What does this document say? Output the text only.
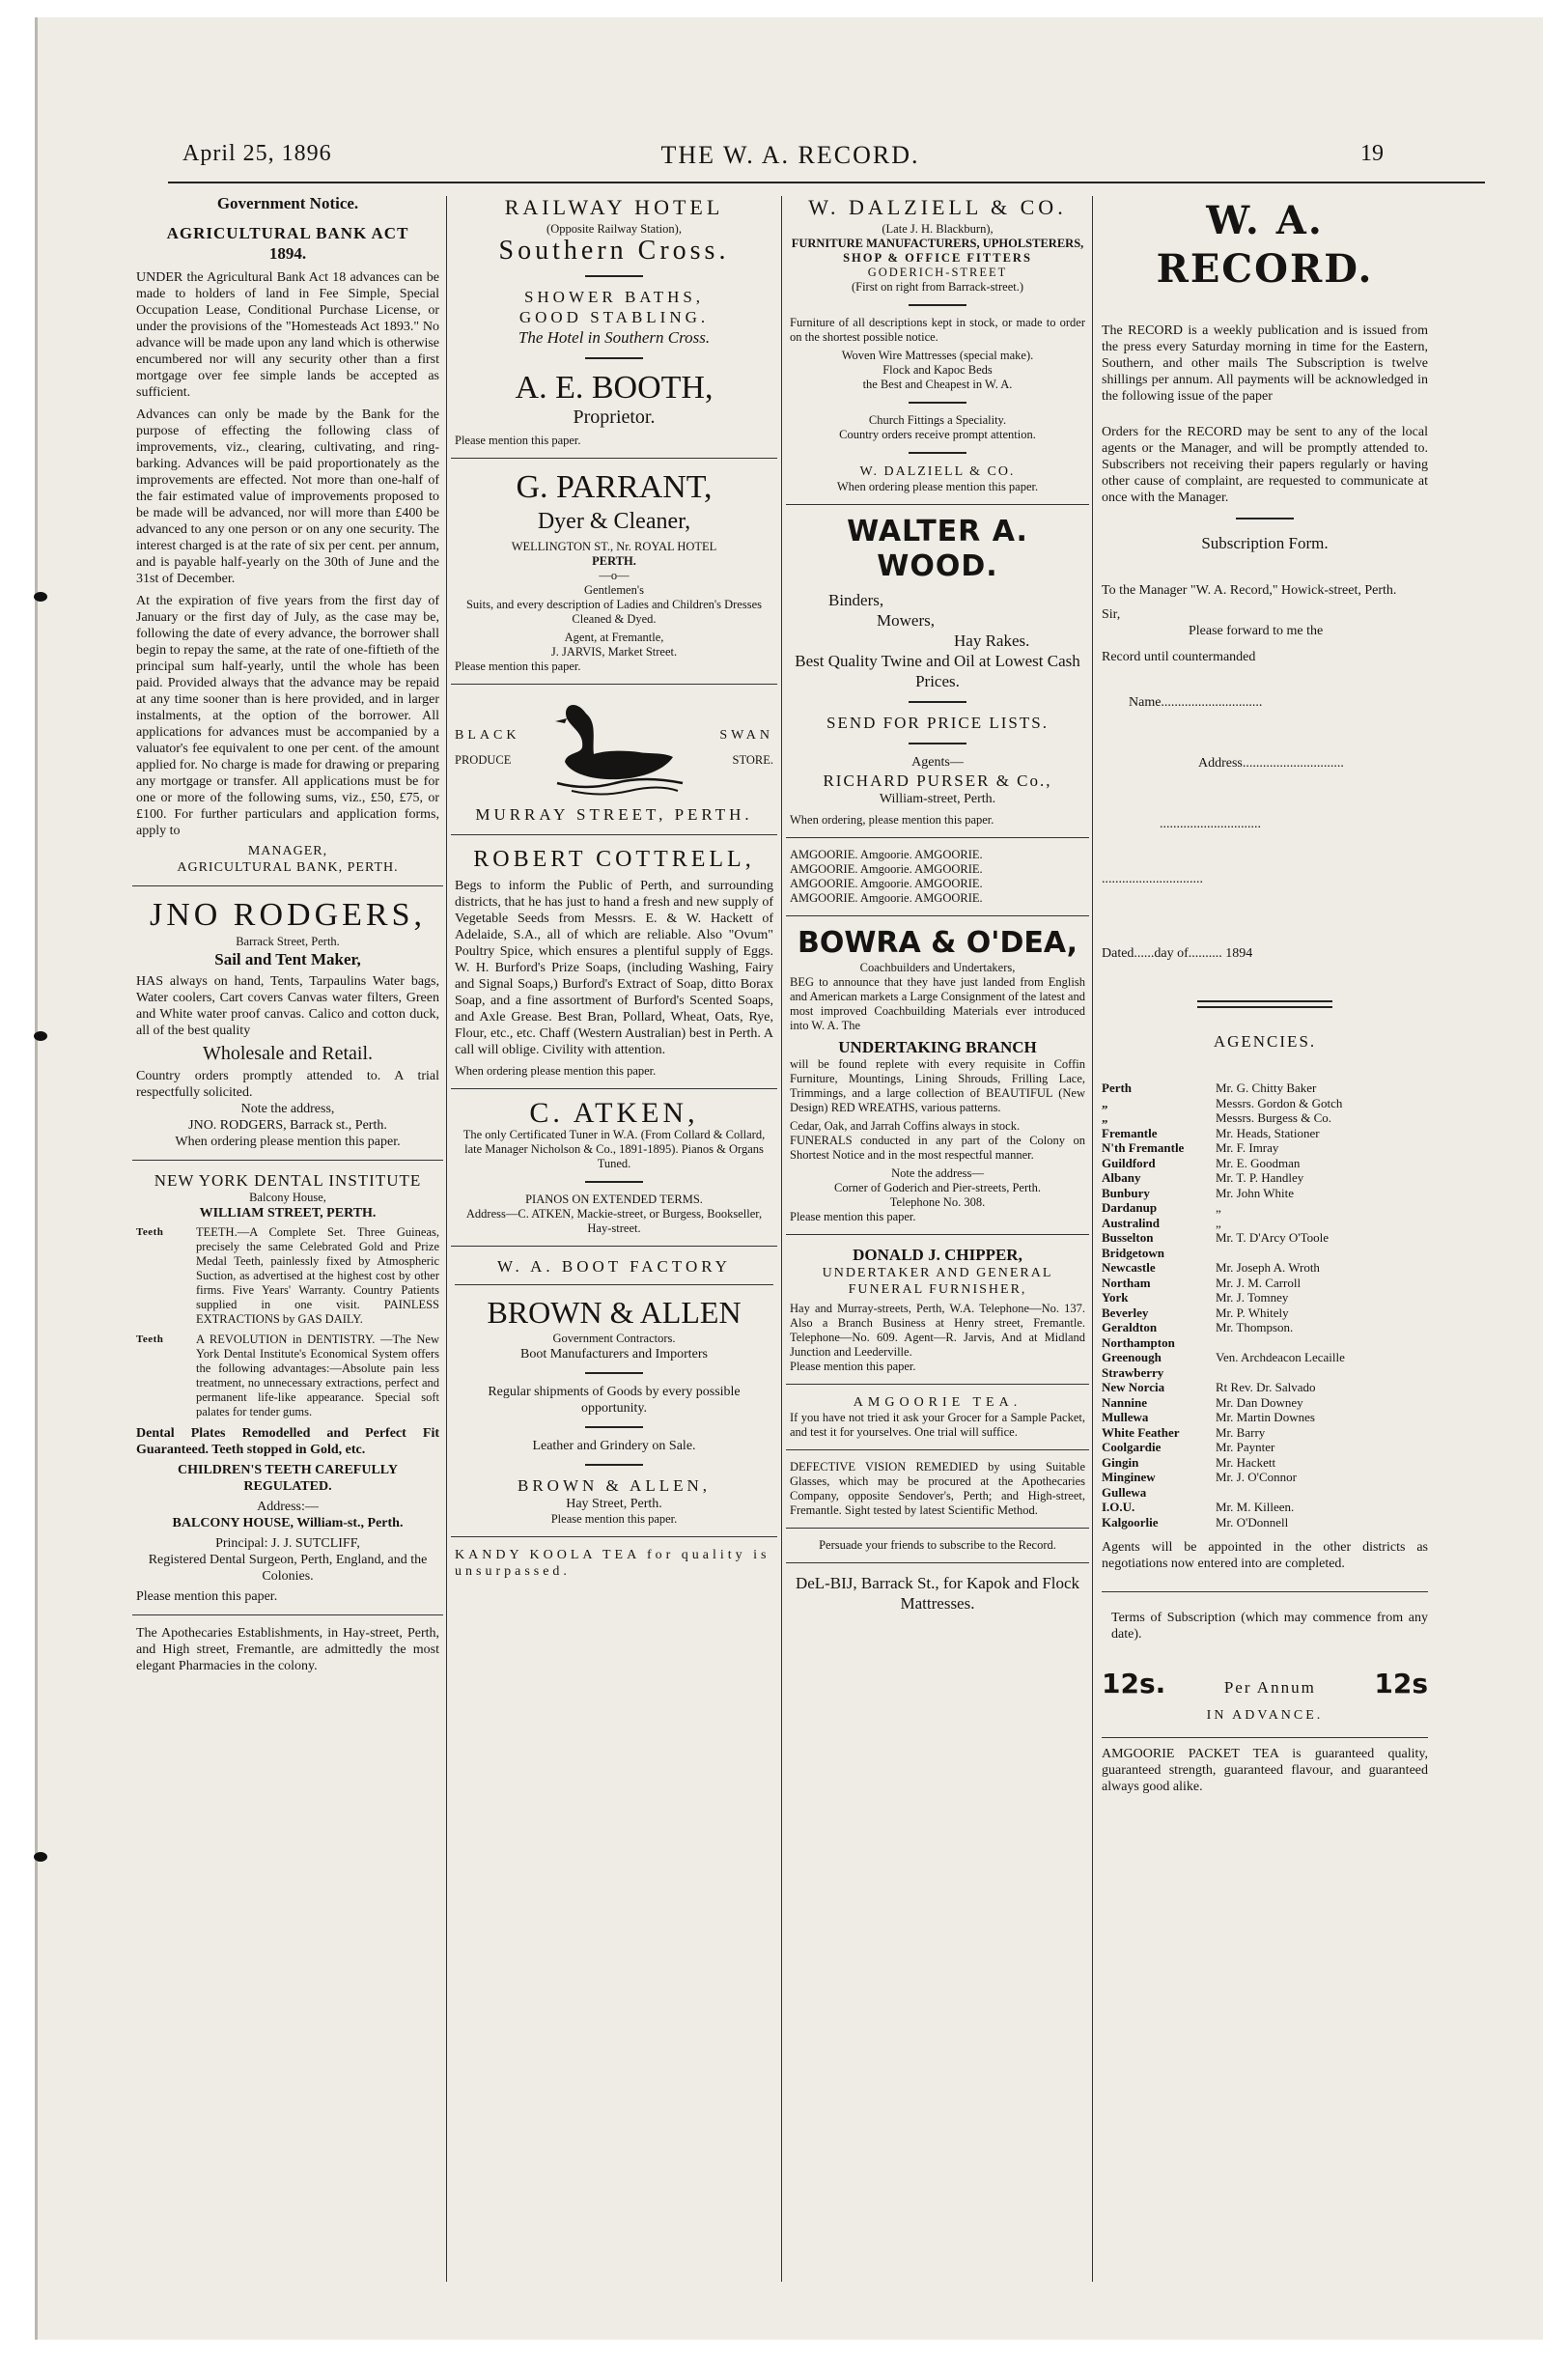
April 25, 1896	THE W. A. RECORD.	19
Government Notice.
AGRICULTURAL BANK ACT
1894.
UNDER the Agricultural Bank Act 18 advances can be made to holders of land in Fee Simple, Special Occupation Lease, Conditional Purchase License, or under the provisions of the "Homesteads Act 1893." No advance will be made upon any land which is otherwise encumbered nor will any security other than a first mortgage over fee simple lands be accepted as sufficient.
Advances can only be made by the Bank for the purpose of effecting the following class of improvements, viz., clearing, cultivating, and ring-barking. Advances will be paid proportionately as the improvements are effected. Not more than one-half of the fair estimated value of improvements proposed to be made will be advanced, nor will more than £400 be advanced to any one person or on any one security. The interest charged is at the rate of six per cent. per annum, and is payable half-yearly on the 30th of June and the 31st of December.
At the expiration of five years from the first day of January or the first day of July, as the case may be, following the date of every advance, the borrower shall begin to repay the same, at the rate of one-fiftieth of the principal sum half-yearly, until the whole has been paid. Provided always that the advance may be repaid at any time sooner than is here provided, and in larger instalments, at the option of the borrower. All applications for advances must be accompanied by a valuator's fee equivalent to one per cent. of the amount applied for. No charge is made for drawing or preparing any mortgage or transfer. All applications must be for one or more of the following sums, viz., £50, £75, or £100. For further particulars and application forms, apply to
MANAGER,
AGRICULTURAL BANK, PERTH.
JNO RODGERS,
Barrack Street, Perth.
Sail and Tent Maker,
HAS always on hand, Tents, Tarpaulins Water bags, Water coolers, Cart covers Canvas water filters, Green and White water proof canvas. Calico and cotton duck, all of the best quality
Wholesale and Retail.
Country orders promptly attended to. A trial respectfully solicited.
Note the address,
JNO. RODGERS, Barrack st., Perth.
When ordering please mention this paper.
NEW YORK DENTAL INSTITUTE
Balcony House,
WILLIAM STREET, PERTH.
Teeth	TEETH.—A Complete Set. Three Guineas, precisely the same Celebrated Gold and Prize Medal Teeth, painlessly fixed by Atmospheric Suction, as advertised at the highest cost by other firms. Five Years' Warranty. Country Patients supplied in one visit. PAINLESS EXTRACTIONS by GAS DAILY.
Teeth	A REVOLUTION in DENTISTRY. —The New York Dental Institute's Economical System offers the following advantages:—Absolute pain less treatment, no unnecessary extractions, perfect and permanent life-like appearance. Special soft palates for tender gums.
Dental Plates Remodelled and Perfect Fit Guaranteed. Teeth stopped in Gold, etc.
CHILDREN'S TEETH CAREFULLY REGULATED.
Address:—
BALCONY HOUSE, William-st., Perth.
Principal: J. J. SUTCLIFF,
Registered Dental Surgeon, Perth, England, and the Colonies.
Please mention this paper.
The Apothecaries Establishments, in Hay-street, Perth, and High street, Fremantle, are admittedly the most elegant Pharmacies in the colony.
RAILWAY HOTEL
(Opposite Railway Station),
Southern Cross.
SHOWER BATHS,
GOOD STABLING.
The Hotel in Southern Cross.
A. E. BOOTH,
Proprietor.
Please mention this paper.
G. PARRANT,
Dyer & Cleaner,
WELLINGTON ST., Nr. ROYAL HOTEL
PERTH.
—o—
Gentlemen's
Suits, and every description of Ladies and Children's Dresses Cleaned & Dyed.
Agent, at Fremantle,
J. JARVIS, Market Street.
Please mention this paper.
BLACK
PRODUCE
SWAN
STORE.
MURRAY STREET, PERTH.
ROBERT COTTRELL,
Begs to inform the Public of Perth, and surrounding districts, that he has just to hand a fresh and new supply of Vegetable Seeds from Messrs. E. & W. Hackett of Adelaide, S.A., all of which are reliable. Also "Ovum" Poultry Spice, which ensures a plentiful supply of Eggs. W. H. Burford's Prize Soaps, (including Washing, Fairy and Signal Soaps,) Burford's Extract of Soap, ditto Borax Soap, and a fine assortment of Burford's Scented Soaps, and Axle Grease. Best Bran, Pollard, Wheat, Oats, Rye, Flour, etc., etc. Chaff (Western Australian) best in Perth. A call will oblige. Civility with attention.
When ordering please mention this paper.
C. ATKEN,
The only Certificated Tuner in W.A. (From Collard & Collard, late Manager Nicholson & Co., 1891-1895). Pianos & Organs Tuned.
PIANOS ON EXTENDED TERMS.
Address—C. ATKEN, Mackie-street, or Burgess, Bookseller, Hay-street.
W. A. BOOT FACTORY
BROWN & ALLEN
Government Contractors.
Boot Manufacturers and Importers
Regular shipments of Goods by every possible opportunity.
Leather and Grindery on Sale.
BROWN & ALLEN,
Hay Street, Perth.
Please mention this paper.
KANDY KOOLA TEA for quality is unsurpassed.
W. DALZIELL & CO.
(Late J. H. Blackburn),
FURNITURE MANUFACTURERS, UPHOLSTERERS,
SHOP & OFFICE FITTERS
GODERICH-STREET
(First on right from Barrack-street.)
Furniture of all descriptions kept in stock, or made to order on the shortest possible notice.
Woven Wire Mattresses (special make).
Flock and Kapoc Beds
the Best and Cheapest in W. A.
Church Fittings a Speciality.
Country orders receive prompt attention.
W. DALZIELL & CO.
When ordering please mention this paper.
WALTER A. WOOD.
Binders,
Mowers,
Hay Rakes.
Best Quality Twine and Oil at Lowest Cash Prices.
SEND FOR PRICE LISTS.
Agents—
RICHARD PURSER & Co.,
William-street, Perth.
When ordering, please mention this paper.
AMGOORIE. Amgoorie. AMGOORIE.
AMGOORIE. Amgoorie. AMGOORIE.
AMGOORIE. Amgoorie. AMGOORIE.
AMGOORIE. Amgoorie. AMGOORIE.
BOWRA & O'DEA,
Coachbuilders and Undertakers,
BEG to announce that they have just landed from English and American markets a Large Consignment of the latest and most improved Coachbuilding Materials ever introduced into W. A. The
UNDERTAKING BRANCH
will be found replete with every requisite in Coffin Furniture, Mountings, Lining Shrouds, Frilling Lace, Trimmings, and a large collection of BEAUTIFUL (New Design) RED WREATHS, various patterns.
Cedar, Oak, and Jarrah Coffins always in stock.
FUNERALS conducted in any part of the Colony on Shortest Notice and in the most respectful manner.
Note the address—
Corner of Goderich and Pier-streets, Perth.
Telephone No. 308.
Please mention this paper.
DONALD J. CHIPPER,
UNDERTAKER AND GENERAL
FUNERAL FURNISHER,
Hay and Murray-streets, Perth, W.A. Telephone—No. 137. Also a Branch Business at Henry street, Fremantle. Telephone—No. 609. Agent—R. Jarvis, And at Midland Junction and Leederville.
Please mention this paper.
AMGOORIE TEA.
If you have not tried it ask your Grocer for a Sample Packet, and test it for yourselves. One trial will suffice.
DEFECTIVE VISION REMEDIED by using Suitable Glasses, which may be procured at the Apothecaries Company, opposite Sendover's, Perth; and High-street, Fremantle. Sight tested by latest Scientific Method.
Persuade your friends to subscribe to the Record.
DeL-BIJ, Barrack St., for Kapok and Flock Mattresses.
W. A. RECORD.
The RECORD is a weekly publication and is issued from the press every Saturday morning in time for the Eastern, Southern, and other mails The Subscription is twelve shillings per annum. All payments will be acknowledged in the following issue of the paper
Orders for the RECORD may be sent to any of the local agents or the Manager, and will be promptly attended to. Subscribers not receiving their papers regularly or having other cause of complaint, are requested to communicate at once with the Manager.
Subscription Form.
To the Manager "W. A. Record," Howick-street, Perth.
Sir,
Please forward to me the
Record until countermanded
Name..............................
Address..............................
..............................
..............................
Dated......day of.......... 1894
AGENCIES.
Perth	Mr. G. Chitty Baker
„	Messrs. Gordon & Gotch
„	Messrs. Burgess & Co.
Fremantle	Mr. Heads, Stationer
N'th Fremantle	Mr. F. Imray
Guildford	Mr. E. Goodman
Albany	Mr. T. P. Handley
Bunbury	Mr. John White
Dardanup	„
Australind	„
Busselton	Mr. T. D'Arcy O'Toole
Bridgetown
Newcastle	Mr. Joseph A. Wroth
Northam	Mr. J. M. Carroll
York	Mr. J. Tomney
Beverley	Mr. P. Whitely
Geraldton	Mr. Thompson.
Northampton
Greenough	Ven. Archdeacon Lecaille
Strawberry
New Norcia	Rt Rev. Dr. Salvado
Nannine	Mr. Dan Downey
Mullewa	Mr. Martin Downes
White Feather	Mr. Barry
Coolgardie	Mr. Paynter
Gingin	Mr. Hackett
Minginew	Mr. J. O'Connor
Gullewa
I.O.U.	Mr. M. Killeen.
Kalgoorlie	Mr. O'Donnell
Agents will be appointed in the other districts as negotiations now entered into are completed.
Terms of Subscription (which may commence from any date).
12s.	Per Annum 12s
IN ADVANCE.
AMGOORIE PACKET TEA is guaranteed quality, guaranteed strength, guaranteed flavour, and guaranteed always good alike.
